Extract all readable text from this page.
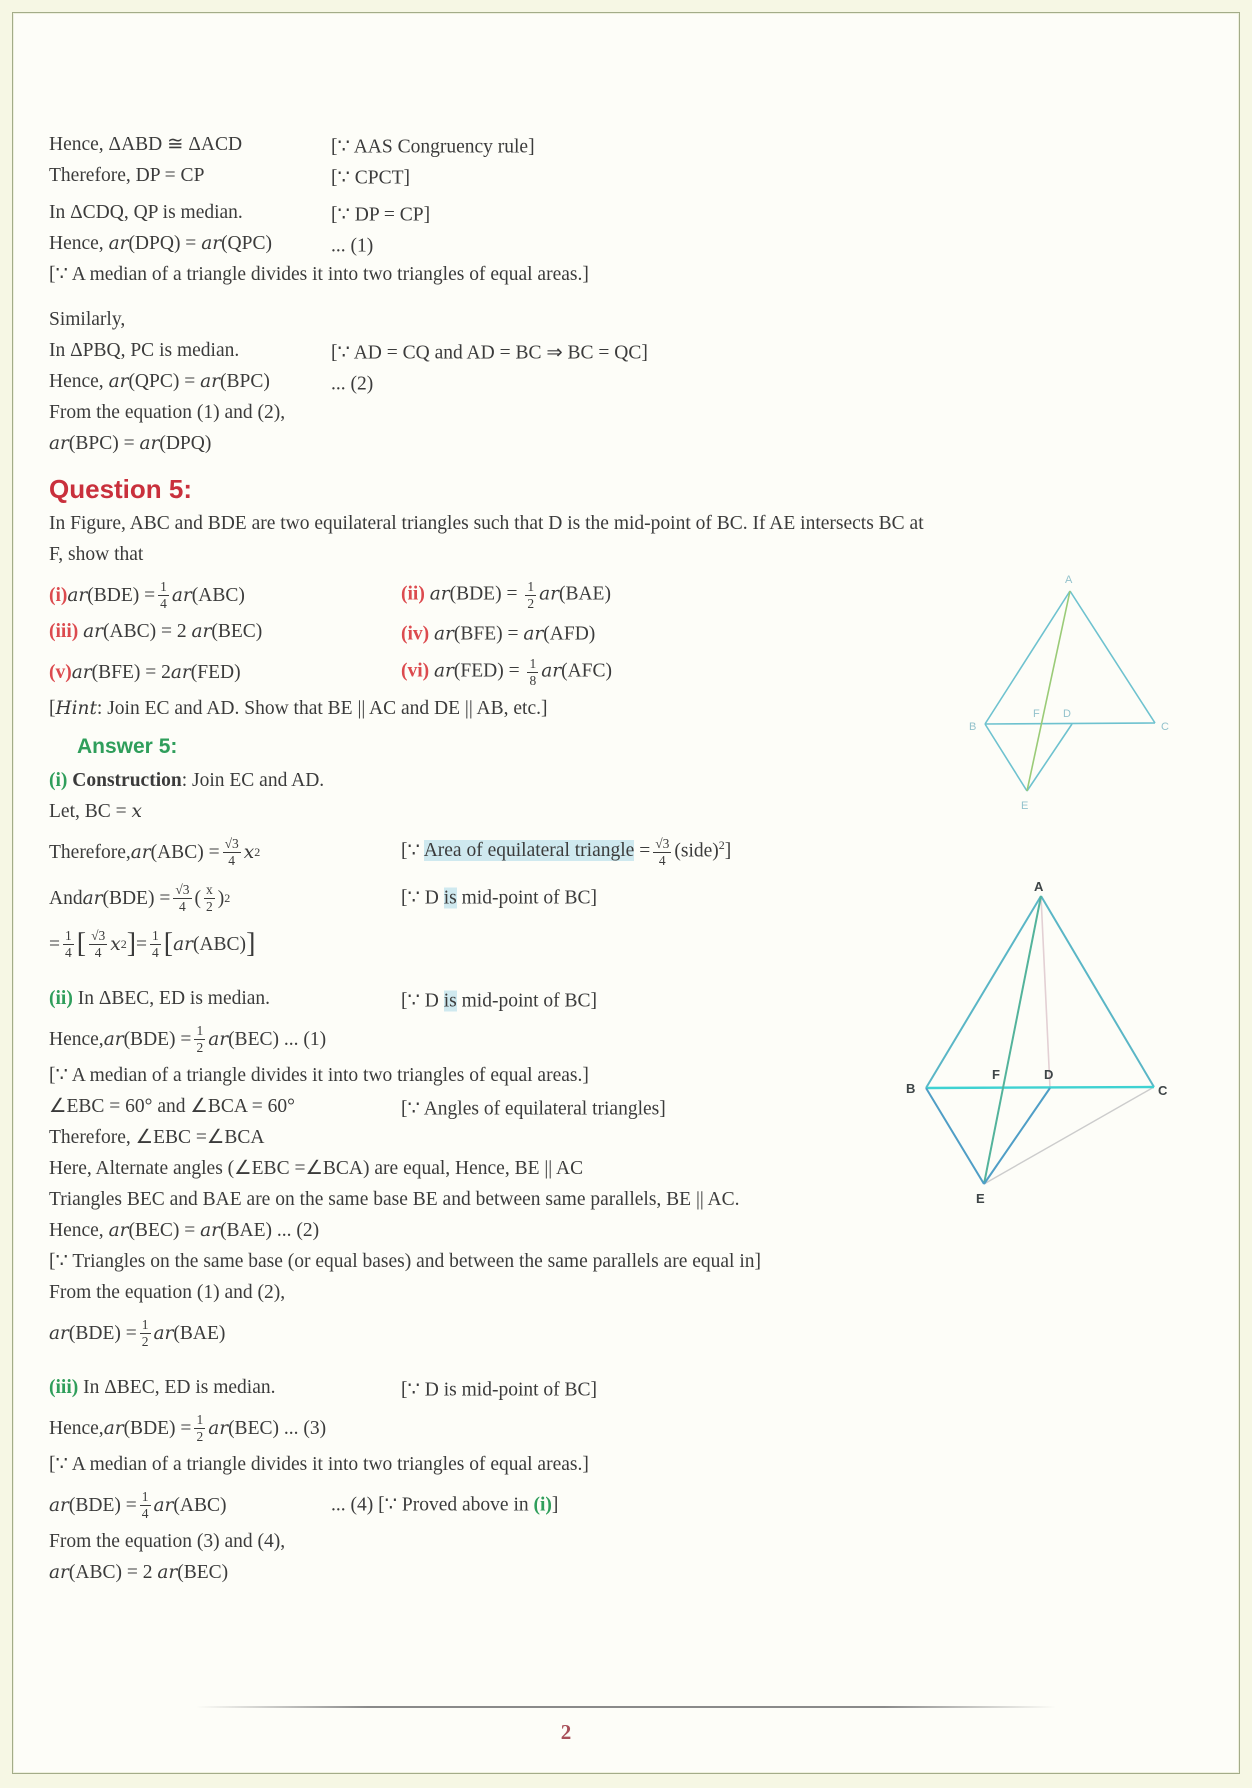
Hence, ΔABD ≅ ΔACD	[∵ AAS Congruency rule]
Therefore, DP = CP	[∵ CPCT]
In ΔCDQ, QP is median.	[∵ DP = CP]
Hence, ar(DPQ) = ar(QPC)	... (1)
[∵ A median of a triangle divides it into two triangles of equal areas.]
Similarly,
In ΔPBQ, PC is median.	[∵ AD = CQ and AD = BC ⇒ BC = QC]
Hence, ar(QPC) = ar(BPC)	... (2)
From the equation (1) and (2),
ar(BPC) = ar(DPQ)
Question 5:
In Figure, ABC and BDE are two equilateral triangles such that D is the mid-point of BC. If AE intersects BC at
F, show that
(i) ar $(BDE) = \frac{1}{4}$ ar (ABC)	(ii) $ar(BDE) = \frac{1}{2} ar(BAE)$
(iii) ar(ABC) = 2 ar(BEC)	(iv) ar(BFE) = ar(AFD)
(v) ar (BFE) = 2 ar (FED)	(vi) $ar(FED) = \frac{1}{8} ar(AFC)$
[Hint: Join EC and AD. Show that BE || AC and DE || AB, etc.]
Answer 5:
(i) Construction: Join EC and AD.
Let, BC = x
Therefore, ar $(ABC) = \frac{√3}{4}$ x 2	[∵ Area of equilateral triangle = $\frac{√3}{4}$ (side)$^2$]
And ar $(BDE) = \frac{√3}{4}$ ( $\frac{x}{2}$ ) 2	[∵ D is mid-point of BC]
= $\frac{1}{4}$ [ $\frac{√3}{4}$ x 2 ] = $\frac{1}{4}$ [ ar (ABC) ]
(ii) In ΔBEC, ED is median.	[∵ D is mid-point of BC]
Hence, ar $(BDE) = \frac{1}{2}$ ar (BEC) ... (1)
[∵ A median of a triangle divides it into two triangles of equal areas.]
∠EBC = 60° and ∠BCA = 60°	[∵ Angles of equilateral triangles]
Therefore, ∠EBC =∠BCA
Here, Alternate angles (∠EBC =∠BCA) are equal, Hence, BE || AC
Triangles BEC and BAE are on the same base BE and between same parallels, BE || AC.
Hence, ar(BEC) = ar(BAE) ... (2)
[∵ Triangles on the same base (or equal bases) and between the same parallels are equal in]
From the equation (1) and (2),
ar $(BDE) = \frac{1}{2}$ ar (BAE)
(iii) In ΔBEC, ED is median.	[∵ D is mid-point of BC]
Hence, ar $(BDE) = \frac{1}{2}$ ar (BEC) ... (3)
[∵ A median of a triangle divides it into two triangles of equal areas.]
ar $(BDE) = \frac{1}{4}$ ar (ABC)	... (4) [∵ Proved above in (i)]
From the equation (3) and (4),
ar(ABC) = 2 ar(BEC)
A
B
F D
C
E
A
B
F	D
C
E
2
